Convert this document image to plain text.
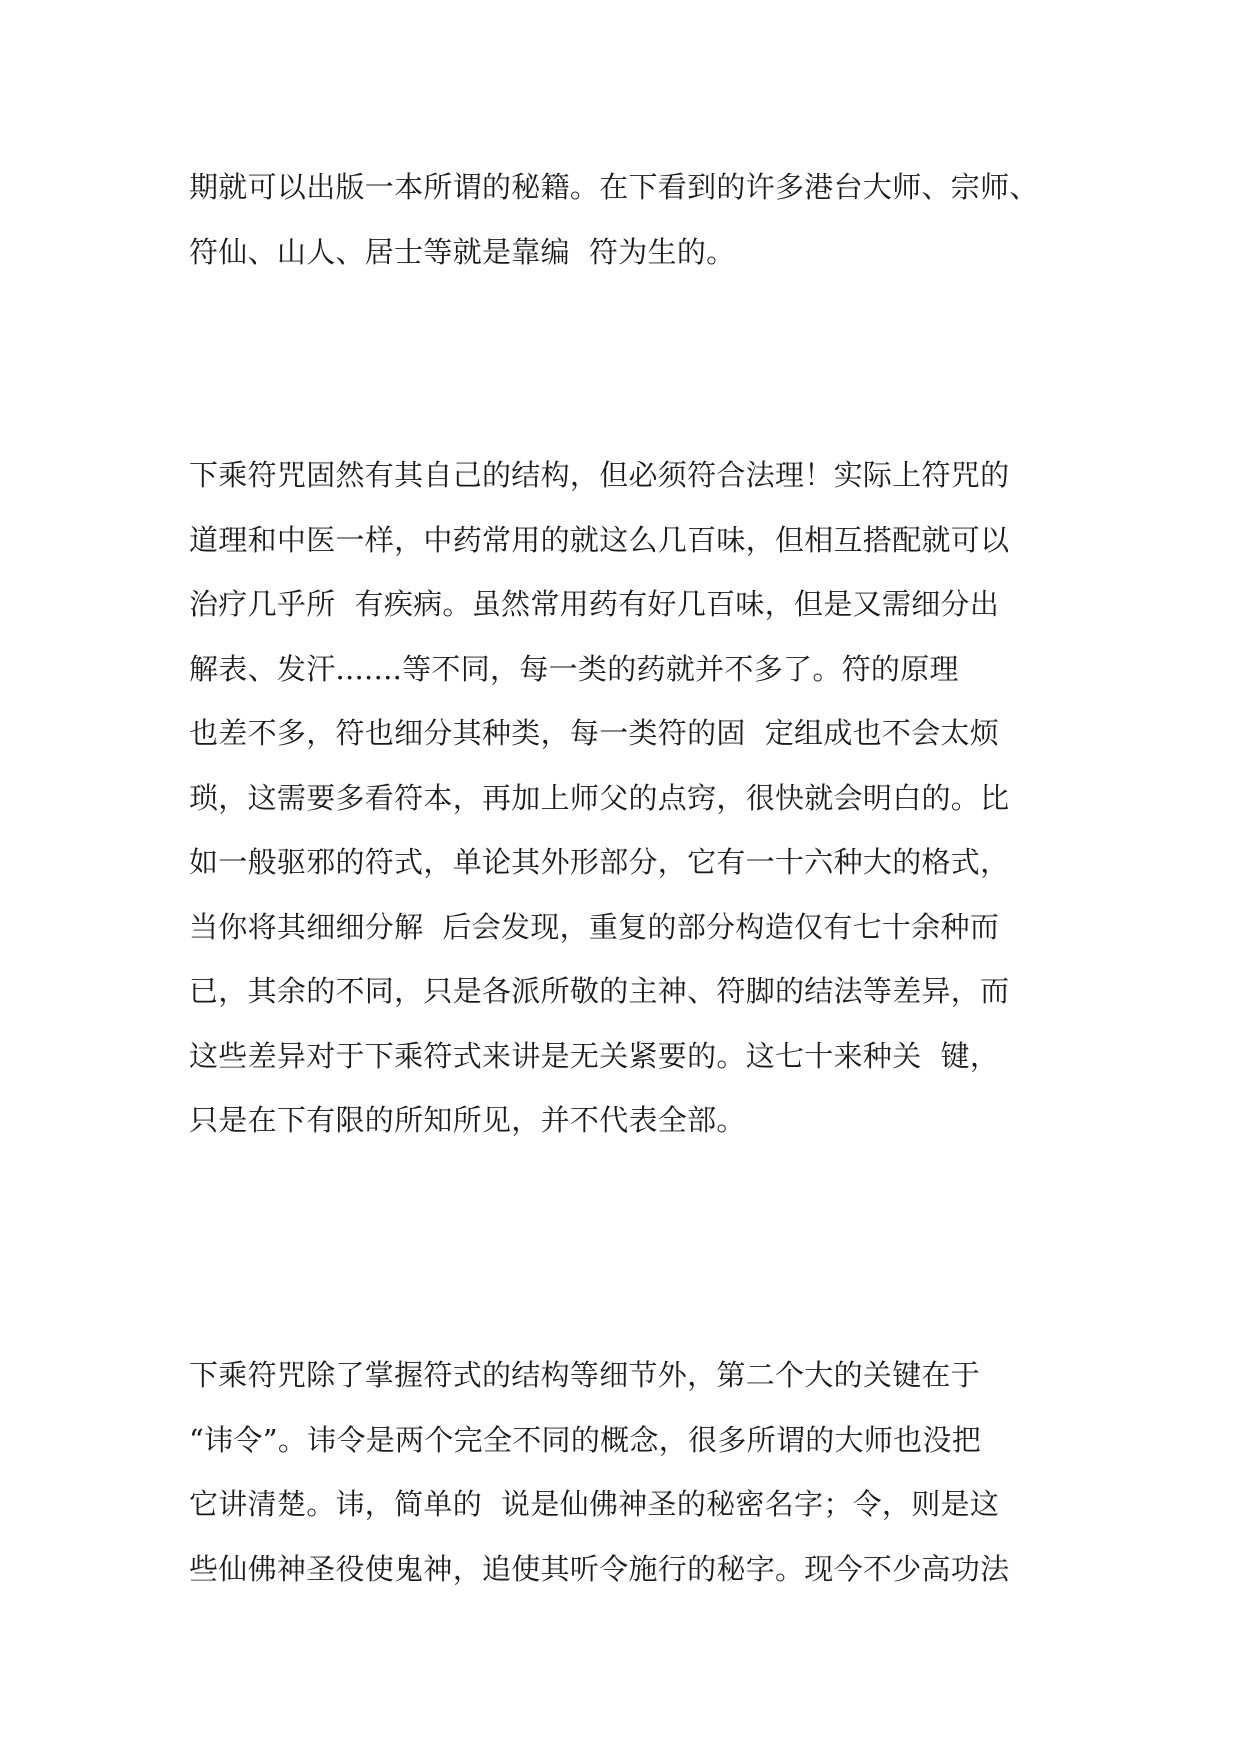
期就可以出版一本所谓的秘籍。在下看到的许多港台大师、宗师、
符仙、山人、居士等就是靠编  符为生的。
下乘符咒固然有其自己的结构，但必须符合法理！实际上符咒的
道理和中医一样，中药常用的就这么几百味，但相互搭配就可以
治疗几乎所  有疾病。虽然常用药有好几百味，但是又需细分出
解表、发汗.......等不同，每一类的药就并不多了。符的原理
也差不多，符也细分其种类，每一类符的固  定组成也不会太烦
琐，这需要多看符本，再加上师父的点窍，很快就会明白的。比
如一般驱邪的符式，单论其外形部分，它有一十六种大的格式，
当你将其细细分解  后会发现，重复的部分构造仅有七十余种而
已，其余的不同，只是各派所敬的主神、符脚的结法等差异，而
这些差异对于下乘符式来讲是无关紧要的。这七十来种关  键，
只是在下有限的所知所见，并不代表全部。
下乘符咒除了掌握符式的结构等细节外，第二个大的关键在于
“讳令”。讳令是两个完全不同的概念，很多所谓的大师也没把
它讲清楚。讳，简单的  说是仙佛神圣的秘密名字；令，则是这
些仙佛神圣役使鬼神，追使其听令施行的秘字。现今不少高功法
